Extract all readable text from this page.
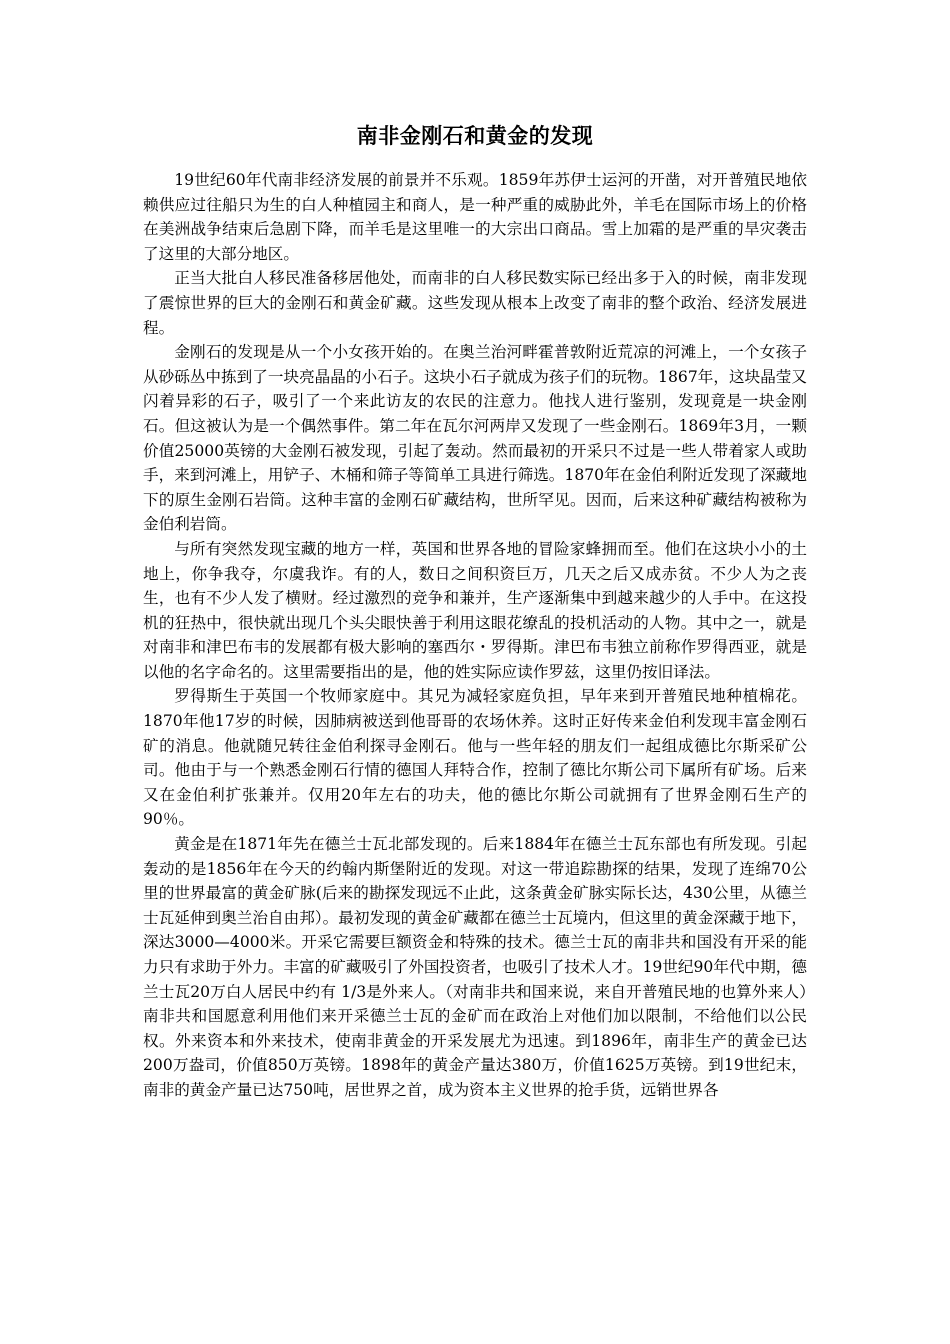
南非金刚石和黄金的发现

19世纪60年代南非经济发展的前景并不乐观。1859年苏伊士运河的开凿，对开普殖民地依赖供应过往船只为生的白人种植园主和商人，是一种严重的威胁此外，羊毛在国际市场上的价格在美洲战争结束后急剧下降，而羊毛是这里唯一的大宗出口商品。雪上加霜的是严重的旱灾袭击了这里的大部分地区。

正当大批白人移民准备移居他处，而南非的白人移民数实际已经出多于入的时候，南非发现了震惊世界的巨大的金刚石和黄金矿藏。这些发现从根本上改变了南非的整个政治、经济发展进程。

金刚石的发现是从一个小女孩开始的。在奥兰治河畔霍普敦附近荒凉的河滩上，一个女孩子从砂砾丛中拣到了一块亮晶晶的小石子。这块小石子就成为孩子们的玩物。1867年，这块晶莹又闪着异彩的石子，吸引了一个来此访友的农民的注意力。他找人进行鉴别，发现竟是一块金刚石。但这被认为是一个偶然事件。第二年在瓦尔河两岸又发现了一些金刚石。1869年3月，一颗价值25000英镑的大金刚石被发现，引起了轰动。然而最初的开采只不过是一些人带着家人或助手，来到河滩上，用铲子、木桶和筛子等简单工具进行筛选。1870年在金伯利附近发现了深藏地下的原生金刚石岩筒。这种丰富的金刚石矿藏结构，世所罕见。因而，后来这种矿藏结构被称为金伯利岩筒。

与所有突然发现宝藏的地方一样，英国和世界各地的冒险家蜂拥而至。他们在这块小小的土地上，你争我夺，尔虞我诈。有的人，数日之间积资巨万，几天之后又成赤贫。不少人为之丧生，也有不少人发了横财。经过激烈的竞争和兼并，生产逐渐集中到越来越少的人手中。在这投机的狂热中，很快就出现几个头尖眼快善于利用这眼花缭乱的投机活动的人物。其中之一，就是对南非和津巴布韦的发展都有极大影响的塞西尔・罗得斯。津巴布韦独立前称作罗得西亚，就是以他的名字命名的。这里需要指出的是，他的姓实际应读作罗兹，这里仍按旧译法。

罗得斯生于英国一个牧师家庭中。其兄为减轻家庭负担，早年来到开普殖民地种植棉花。1870年他17岁的时候，因肺病被送到他哥哥的农场休养。这时正好传来金伯利发现丰富金刚石矿的消息。他就随兄转往金伯利探寻金刚石。他与一些年轻的朋友们一起组成德比尔斯采矿公司。他由于与一个熟悉金刚石行情的德国人拜特合作，控制了德比尔斯公司下属所有矿场。后来又在金伯利扩张兼并。仅用20年左右的功夫，他的德比尔斯公司就拥有了世界金刚石生产的90％。

黄金是在1871年先在德兰士瓦北部发现的。后来1884年在德兰士瓦东部也有所发现。引起轰动的是1856年在今天的约翰内斯堡附近的发现。对这一带追踪勘探的结果，发现了连绵70公里的世界最富的黄金矿脉(后来的勘探发现远不止此，这条黄金矿脉实际长达，430公里，从德兰士瓦延伸到奥兰治自由邦）。最初发现的黄金矿藏都在德兰士瓦境内，但这里的黄金深藏于地下，深达3000—4000米。开采它需要巨额资金和特殊的技术。德兰士瓦的南非共和国没有开采的能力只有求助于外力。丰富的矿藏吸引了外国投资者，也吸引了技术人才。19世纪90年代中期，德兰士瓦20万白人居民中约有 1/3是外来人。（对南非共和国来说，来自开普殖民地的也算外来人）南非共和国愿意利用他们来开采德兰士瓦的金矿而在政治上对他们加以限制，不给他们以公民权。外来资本和外来技术，使南非黄金的开采发展尤为迅速。到1896年，南非生产的黄金已达200万盎司，价值850万英镑。1898年的黄金产量达380万，价值1625万英镑。到19世纪末，南非的黄金产量已达750吨，居世界之首，成为资本主义世界的抢手货，远销世界各
